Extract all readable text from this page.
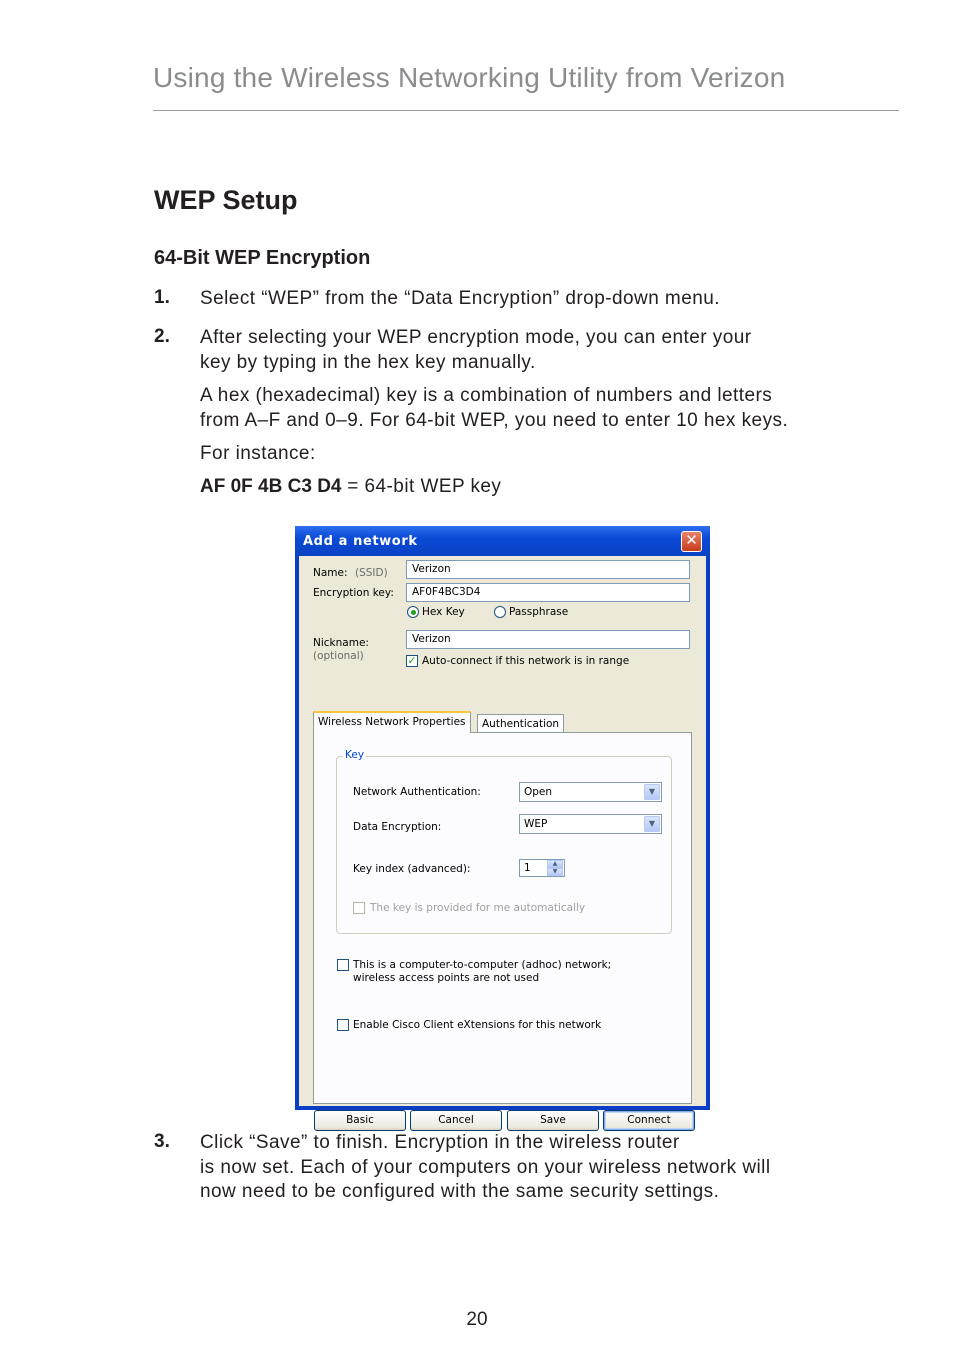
Using the Wireless Networking Utility from Verizon
WEP Setup
64-Bit WEP Encryption
1. Select “WEP” from the “Data Encryption” drop-down menu.
2. After selecting your WEP encryption mode, you can enter your
key by typing in the hex key manually.
A hex (hexadecimal) key is a combination of numbers and letters
from A–F and 0–9. For 64-bit WEP, you need to enter 10 hex keys.
For instance:
AF 0F 4B C3 D4 = 64-bit WEP key
Add a network	✕
Name: (SSID)	Verizon
Encryption key:	AF0F4BC3D4
Hex Key	Passphrase
Nickname:
(optional)
Verizon
✓ Auto-connect if this network is in range
Wireless Network Properties	Authentication
Key
Network Authentication:	Open	▼
Data Encryption:	WEP	▼
Key index (advanced):	1	▲
▼
The key is provided for me automatically
This is a computer-to-computer (adhoc) network;
wireless access points are not used
Enable Cisco Client eXtensions for this network
Basic	Cancel	Save	Connect
3. Click “Save” to finish. Encryption in the wireless router
is now set. Each of your computers on your wireless network will
now need to be configured with the same security settings.
20
